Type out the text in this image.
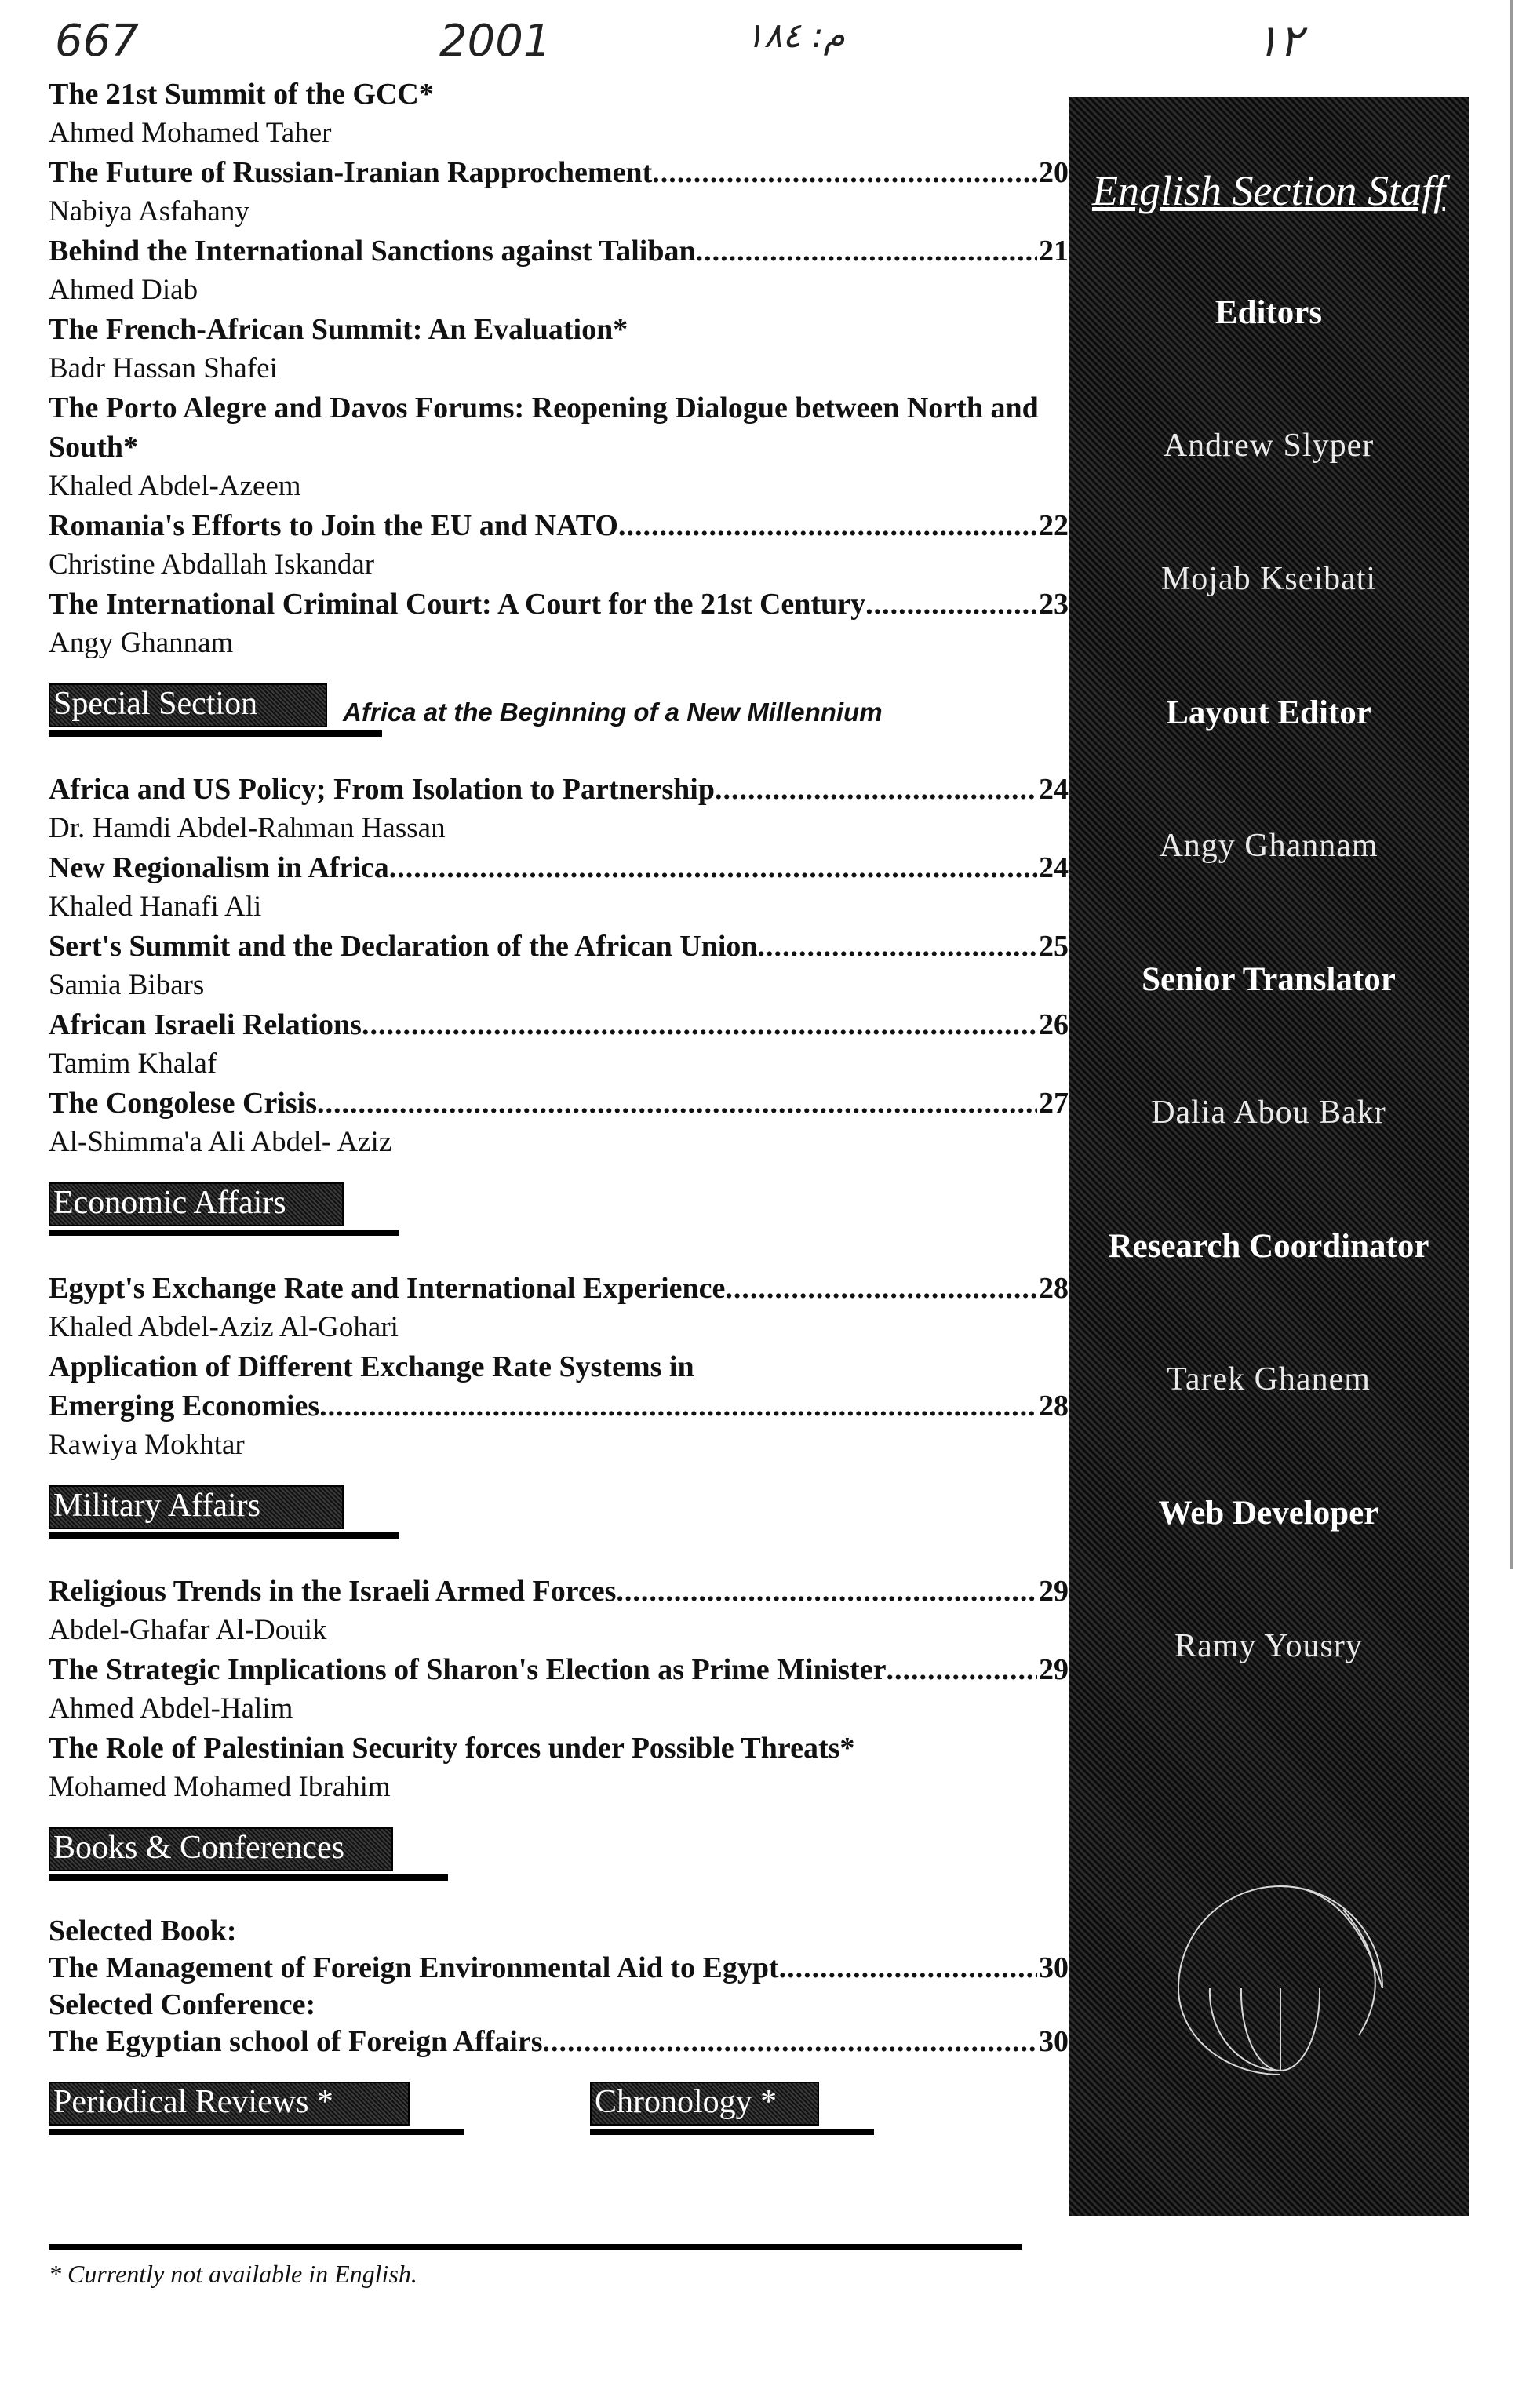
667	2001	م: ١٨٤	١٢
The 21st Summit of the GCC*
Ahmed Mohamed Taher
The Future of Russian-Iranian Rapprochement .....	20
Nabiya Asfahany
Behind the International Sanctions against Taliban .....	21
Ahmed Diab
The French-African Summit: An Evaluation*
Badr Hassan Shafei
The Porto Alegre and Davos Forums: Reopening Dialogue between North and South*
Khaled Abdel-Azeem
Romania's Efforts to Join the EU and NATO .....	22
Christine Abdallah Iskandar
The International Criminal Court: A Court for the 21st Century .....	23
Angy Ghannam
Special Section	Africa at the Beginning of a New Millennium
Africa and US Policy; From Isolation to Partnership .....	24
Dr. Hamdi Abdel-Rahman Hassan
New Regionalism in Africa .....	24
Khaled Hanafi Ali
Sert's Summit and the Declaration of the African Union .....	25
Samia Bibars
African Israeli Relations .....	26
Tamim Khalaf
The Congolese Crisis .....	27
Al-Shimma'a Ali Abdel- Aziz
Economic Affairs
Egypt's Exchange Rate and International Experience .....	28
Khaled Abdel-Aziz Al-Gohari
Application of Different Exchange Rate Systems in
Emerging Economies .....	28
Rawiya Mokhtar
Military Affairs
Religious Trends in the Israeli Armed Forces .....	29
Abdel-Ghafar Al-Douik
The Strategic Implications of Sharon's Election as Prime Minister .....	29
Ahmed Abdel-Halim
The Role of Palestinian Security forces under Possible Threats*
Mohamed Mohamed Ibrahim
Books & Conferences
Selected Book:
The Management of Foreign Environmental Aid to Egypt .....	30
Selected Conference:
The Egyptian school of Foreign Affairs .....	30
Periodical Reviews *	Chronology *
English Section Staff
Editors
Andrew Slyper
Mojab Kseibati
Layout Editor
Angy Ghannam
Senior Translator
Dalia Abou Bakr
Research Coordinator
Tarek Ghanem
Web Developer
Ramy Yousry
* Currently not available in English.
